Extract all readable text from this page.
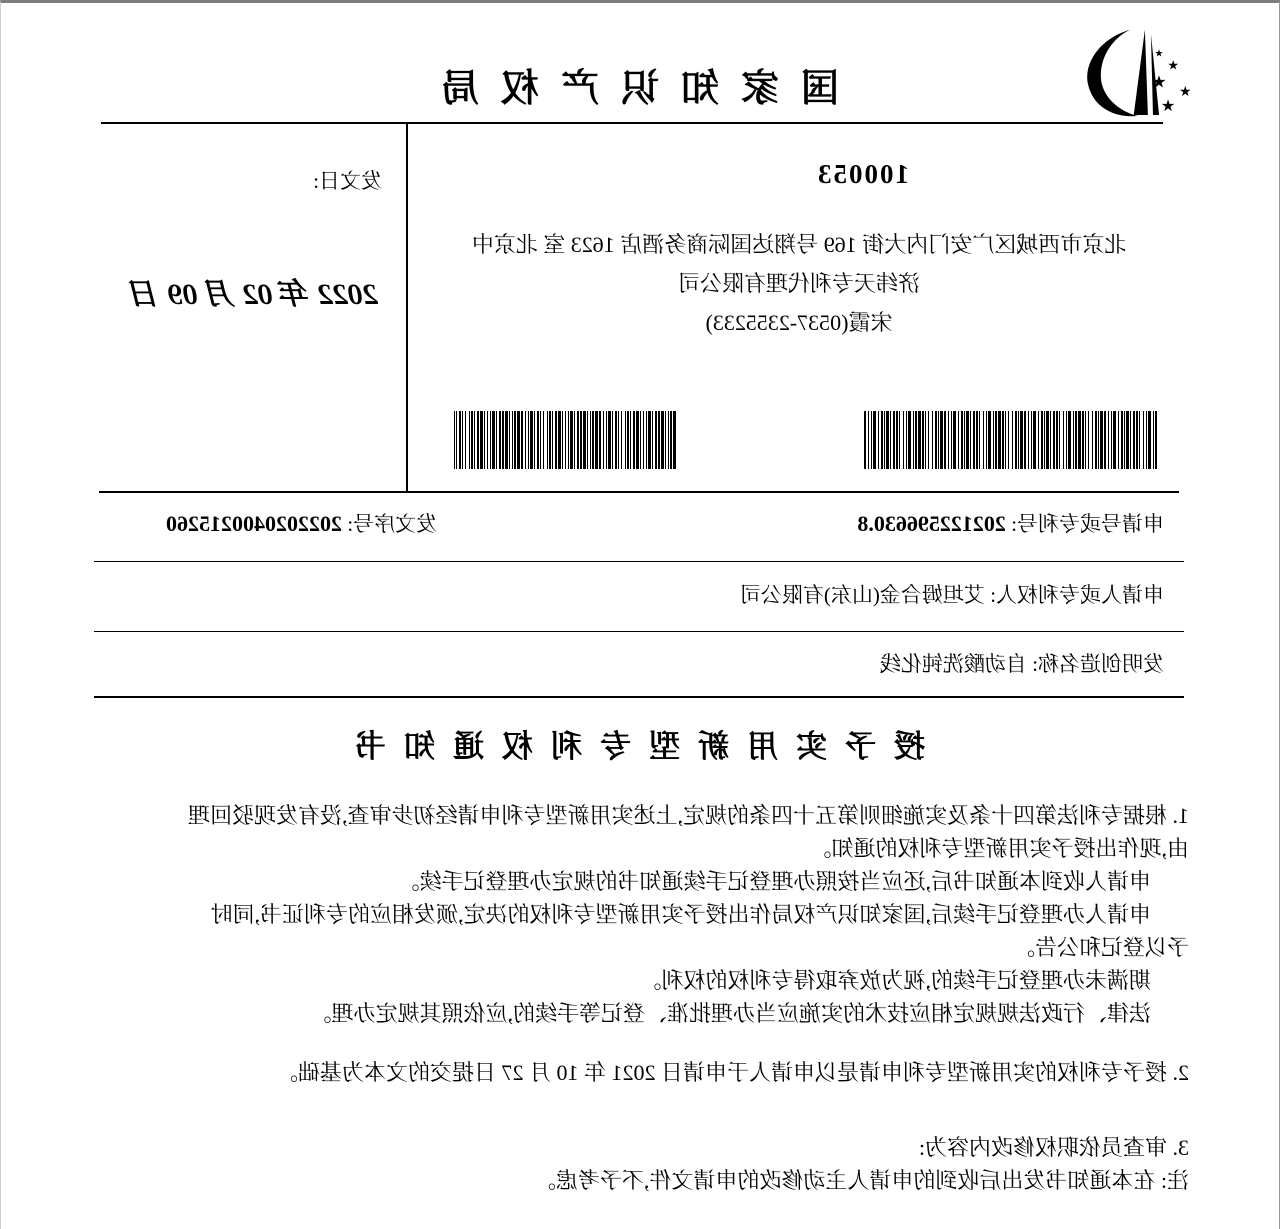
★
★
★
★
★
国家知识产权局
100053
北京市西城区广安门内大街 169 号翔达国际商务酒店 1623 室 北京中
济纬天专利代理有限公司
宋霞(0537-2355233)
发文日:
2022 年 02 月 09 日
申请号或专利号: 202122596630.8
发文序号: 2022020400215260
申请人或专利权人: 艾坦姆合金(山东)有限公司
发明创造名称: 自动酸洗钝化线
授予实用新型专利权通知书
1. 根据专利法第四十条及实施细则第五十四条的规定,上述实用新型专利申请经初步审查,没有发现驳回理
由,现作出授予实用新型专利权的通知。
申请人收到本通知书后,还应当按照办理登记手续通知书的规定办理登记手续。
申请人办理登记手续后,国家知识产权局作出授予实用新型专利权的决定,颁发相应的专利证书,同时
予以登记和公告。
期满未办理登记手续的,视为放弃取得专利权的权利。
法律、行政法规规定相应技术的实施应当办理批准、登记等手续的,应依照其规定办理。
2. 授予专利权的实用新型专利申请是以申请人于申请日 2021 年 10 月 27 日提交的文本为基础。
3. 审查员依职权修改内容为:
注: 在本通知书发出后收到的申请人主动修改的申请文件,不予考虑。
